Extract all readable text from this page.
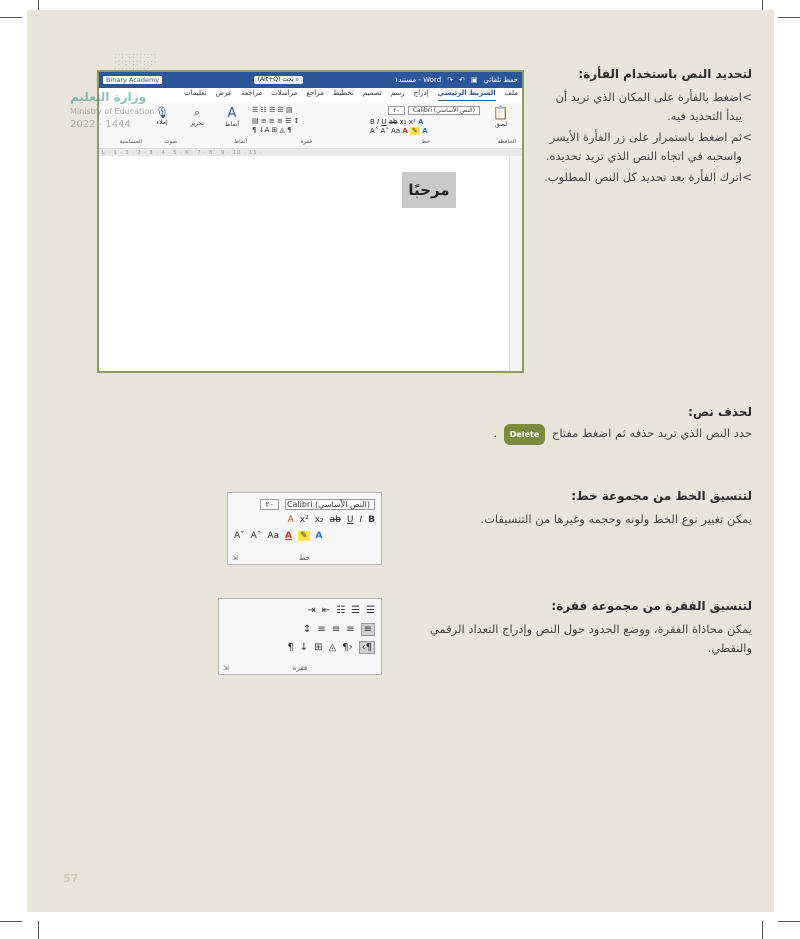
لتحديد النص باستخدام الفأرة:
> اضغط بالفأرة على المكان الذي تريد أن يبدأ التحديد فيه.
> ثم اضغط باستمرار على زر الفأرة الأيسر واسحبه في اتجاه النص الذي تريد تحديده.
> اترك الفأرة بعد تحديد كل النص المطلوب.
حفظ تلقائي
▣
↶
↷
Word - مستند١
⌕ بحث (Alt+Q)
Binary Academy
ملف
الشريط الرئيسي
إدراج
رسم
تصميم
تخطيط
مراجع
مراسلات
مراجعة
عرض
تعليمات
📋
لصق
الحافظة
(النص الأساسي) Calibri
٢٠
B I U ab x₂ x² A
A˄ A˅ Aa A ✎ A
خط
☰ ☷ ☰ ☰ ▤
▤ ≡ ≡ ≡ ☰ ↕
¶ ↓A ⊞ ◬ ¶
فقرة
A
أنماط
أنماط
⌕
تحرير
🎙
إملاء
صوت
الحساسية
L · 1 · 1 · 2 · 3 · 4 · 5 · 6 · 7 · 8 · 9 · 10 · 11 ·
مرحبًا
:·:·::·:·:·:
·:·:·::·:·:·
:·:·::·:·:
وزارة التعليم
Ministry of Education
2022 - 1444
لحذف نص:
حدد النص الذي تريد حذفه ثم اضغط مفتاح Delete .
لتنسيق الخط من مجموعة خط:
يمكن تغيير نوع الخط ولونه وحجمه وغيرها من التنسيقات.
(النص الأساسي) Calibri
٢٠
A x² x₂ ab U I B
Aˇ Aˆ Aa A ✎ A
⇲	خط
لتنسيق الفقرة من مجموعة فقرة:
يمكن محاذاة الفقرة، ووضع الحدود حول النص وإدراج التعداد الرقمي والنقطي.
⇥ ⇤ ☷ ☰ ☰
↕ ≡ ≡ ≡ ≡
¶ ↓ ⊞ ◬ ¶› ‹¶
⇲	فقرة
57
